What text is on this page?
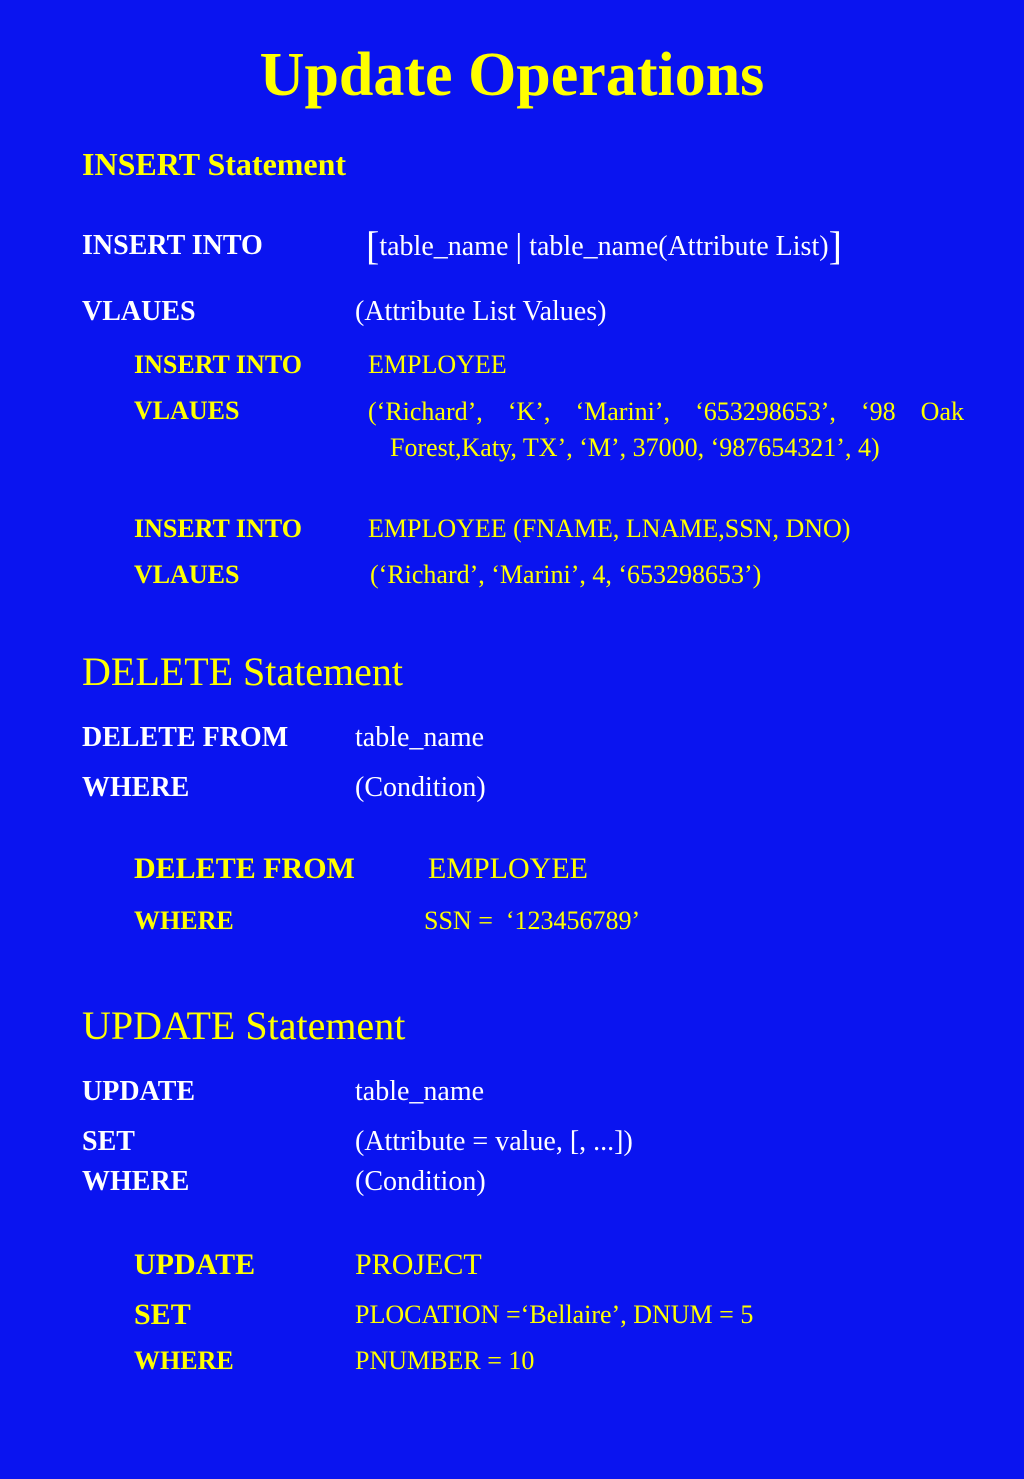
Update Operations
INSERT Statement
INSERT INTO	[table_name | table_name(Attribute List)]
VLAUES	(Attribute List Values)
INSERT INTO	EMPLOYEE
VLAUES	(‘Richard’, ‘K’, ‘Marini’, ‘653298653’, ‘98 Oak Forest,Katy, TX’, ‘M’, 37000, ‘987654321’, 4)
INSERT INTO	EMPLOYEE (FNAME, LNAME,SSN, DNO)
VLAUES	(‘Richard’, ‘Marini’, 4, ‘653298653’)
DELETE Statement
DELETE FROM table_name
WHERE	(Condition)
DELETE FROM EMPLOYEE
WHERE	SSN =  ‘123456789’
UPDATE Statement
UPDATE	table_name
SET	(Attribute = value, [, ...])
WHERE	(Condition)
UPDATE	PROJECT
SET	PLOCATION =‘Bellaire’, DNUM = 5
WHERE	PNUMBER = 10
